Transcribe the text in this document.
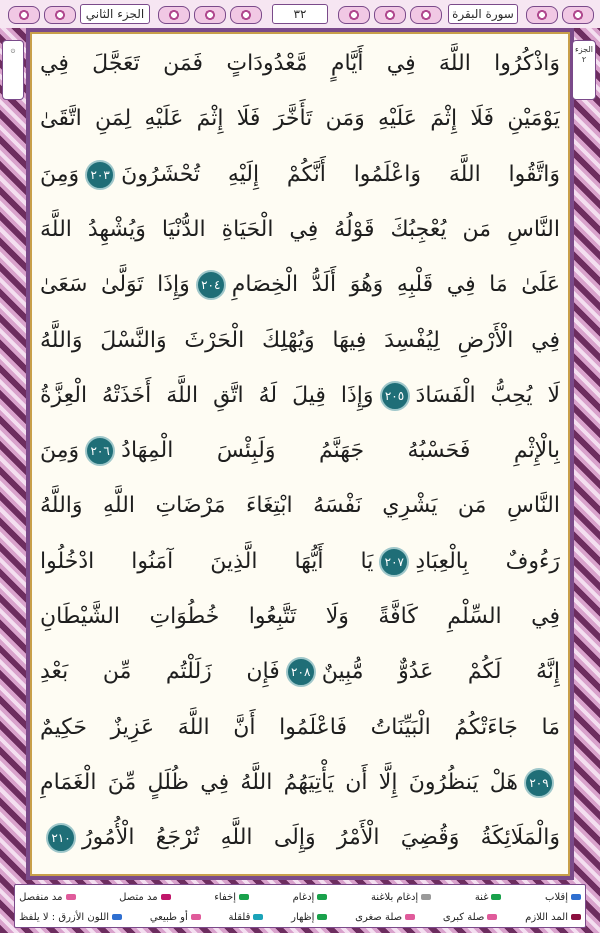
الجزء الثاني	٣٢	سورة البقرة
۞	الجزء ٢
وَاذْكُرُوا اللَّهَ فِي أَيَّامٍ مَّعْدُودَاتٍ فَمَن تَعَجَّلَ فِي
يَوْمَيْنِ فَلَا إِثْمَ عَلَيْهِ وَمَن تَأَخَّرَ فَلَا إِثْمَ عَلَيْهِ لِمَنِ اتَّقَىٰ
وَاتَّقُوا اللَّهَ وَاعْلَمُوا أَنَّكُمْ إِلَيْهِ تُحْشَرُونَ٢٠٣وَمِنَ
النَّاسِ مَن يُعْجِبُكَ قَوْلُهُ فِي الْحَيَاةِ الدُّنْيَا وَيُشْهِدُ اللَّهَ
عَلَىٰ مَا فِي قَلْبِهِ وَهُوَ أَلَدُّ الْخِصَامِ٢٠٤وَإِذَا تَوَلَّىٰ سَعَىٰ
فِي الْأَرْضِ لِيُفْسِدَ فِيهَا وَيُهْلِكَ الْحَرْثَ وَالنَّسْلَ وَاللَّهُ
لَا يُحِبُّ الْفَسَادَ٢٠٥وَإِذَا قِيلَ لَهُ اتَّقِ اللَّهَ أَخَذَتْهُ الْعِزَّةُ
بِالْإِثْمِ فَحَسْبُهُ جَهَنَّمُ وَلَبِئْسَ الْمِهَادُ٢٠٦وَمِنَ
النَّاسِ مَن يَشْرِي نَفْسَهُ ابْتِغَاءَ مَرْضَاتِ اللَّهِ وَاللَّهُ
رَءُوفٌ بِالْعِبَادِ٢٠٧يَا أَيُّهَا الَّذِينَ آمَنُوا ادْخُلُوا
فِي السِّلْمِ كَافَّةً وَلَا تَتَّبِعُوا خُطُوَاتِ الشَّيْطَانِ
إِنَّهُ لَكُمْ عَدُوٌّ مُّبِينٌ٢٠٨فَإِن زَلَلْتُم مِّن بَعْدِ
مَا جَاءَتْكُمُ الْبَيِّنَاتُ فَاعْلَمُوا أَنَّ اللَّهَ عَزِيزٌ حَكِيمٌ
٢٠٩هَلْ يَنظُرُونَ إِلَّا أَن يَأْتِيَهُمُ اللَّهُ فِي ظُلَلٍ مِّنَ الْغَمَامِ
وَالْمَلَائِكَةُ وَقُضِيَ الْأَمْرُ وَإِلَى اللَّهِ تُرْجَعُ الْأُمُورُ٢١٠
إقلاب
غنة
إدغام بلاغنة
إدغام
إخفاء
مد متصل
مد منفصل
المد اللازم
صلة كبرى
صلة صغرى
إظهار
قلقلة
أو طبيعي
اللون الأزرق : لا يلفظ
